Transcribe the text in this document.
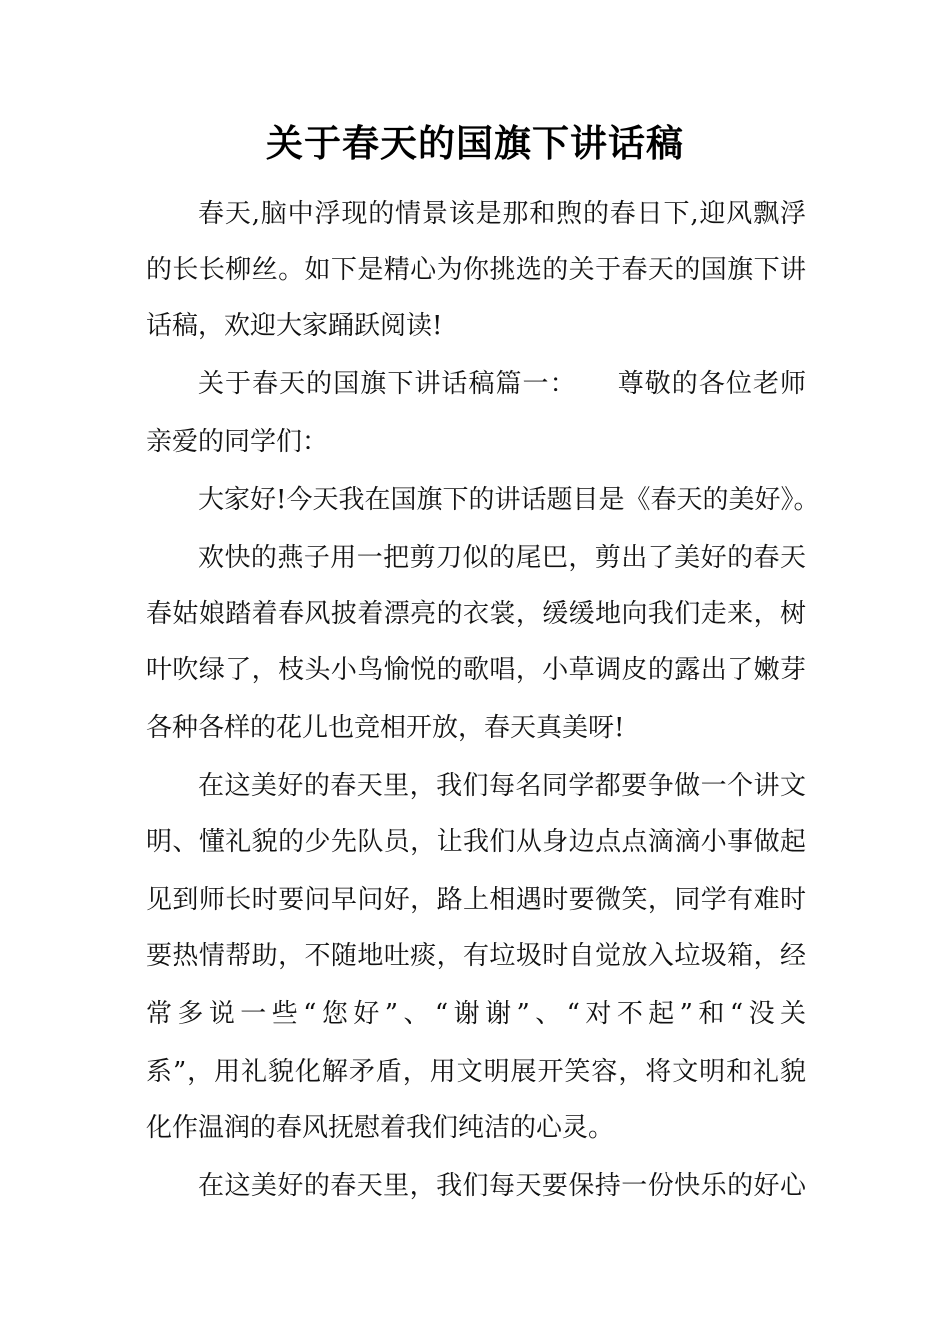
关于春天的国旗下讲话稿

春天,脑中浮现的情景该是那和煦的春日下,迎风飘浮

的长长柳丝。如下是精心为你挑选的关于春天的国旗下讲

话稿，欢迎大家踊跃阅读!

关于春天的国旗下讲话稿篇一：　　尊敬的各位老师

亲爱的同学们：

大家好!今天我在国旗下的讲话题目是《春天的美好》。

欢快的燕子用一把剪刀似的尾巴，剪出了美好的春天

春姑娘踏着春风披着漂亮的衣裳，缓缓地向我们走来，树

叶吹绿了，枝头小鸟愉悦的歌唱，小草调皮的露出了嫩芽

各种各样的花儿也竞相开放，春天真美呀!

在这美好的春天里，我们每名同学都要争做一个讲文

明、懂礼貌的少先队员，让我们从身边点点滴滴小事做起

见到师长时要问早问好，路上相遇时要微笑，同学有难时

要热情帮助，不随地吐痰，有垃圾时自觉放入垃圾箱，经

常多说一些“您好”、“谢谢”、“对不起”和“没关

系”，用礼貌化解矛盾，用文明展开笑容，将文明和礼貌

化作温润的春风抚慰着我们纯洁的心灵。

在这美好的春天里，我们每天要保持一份快乐的好心
